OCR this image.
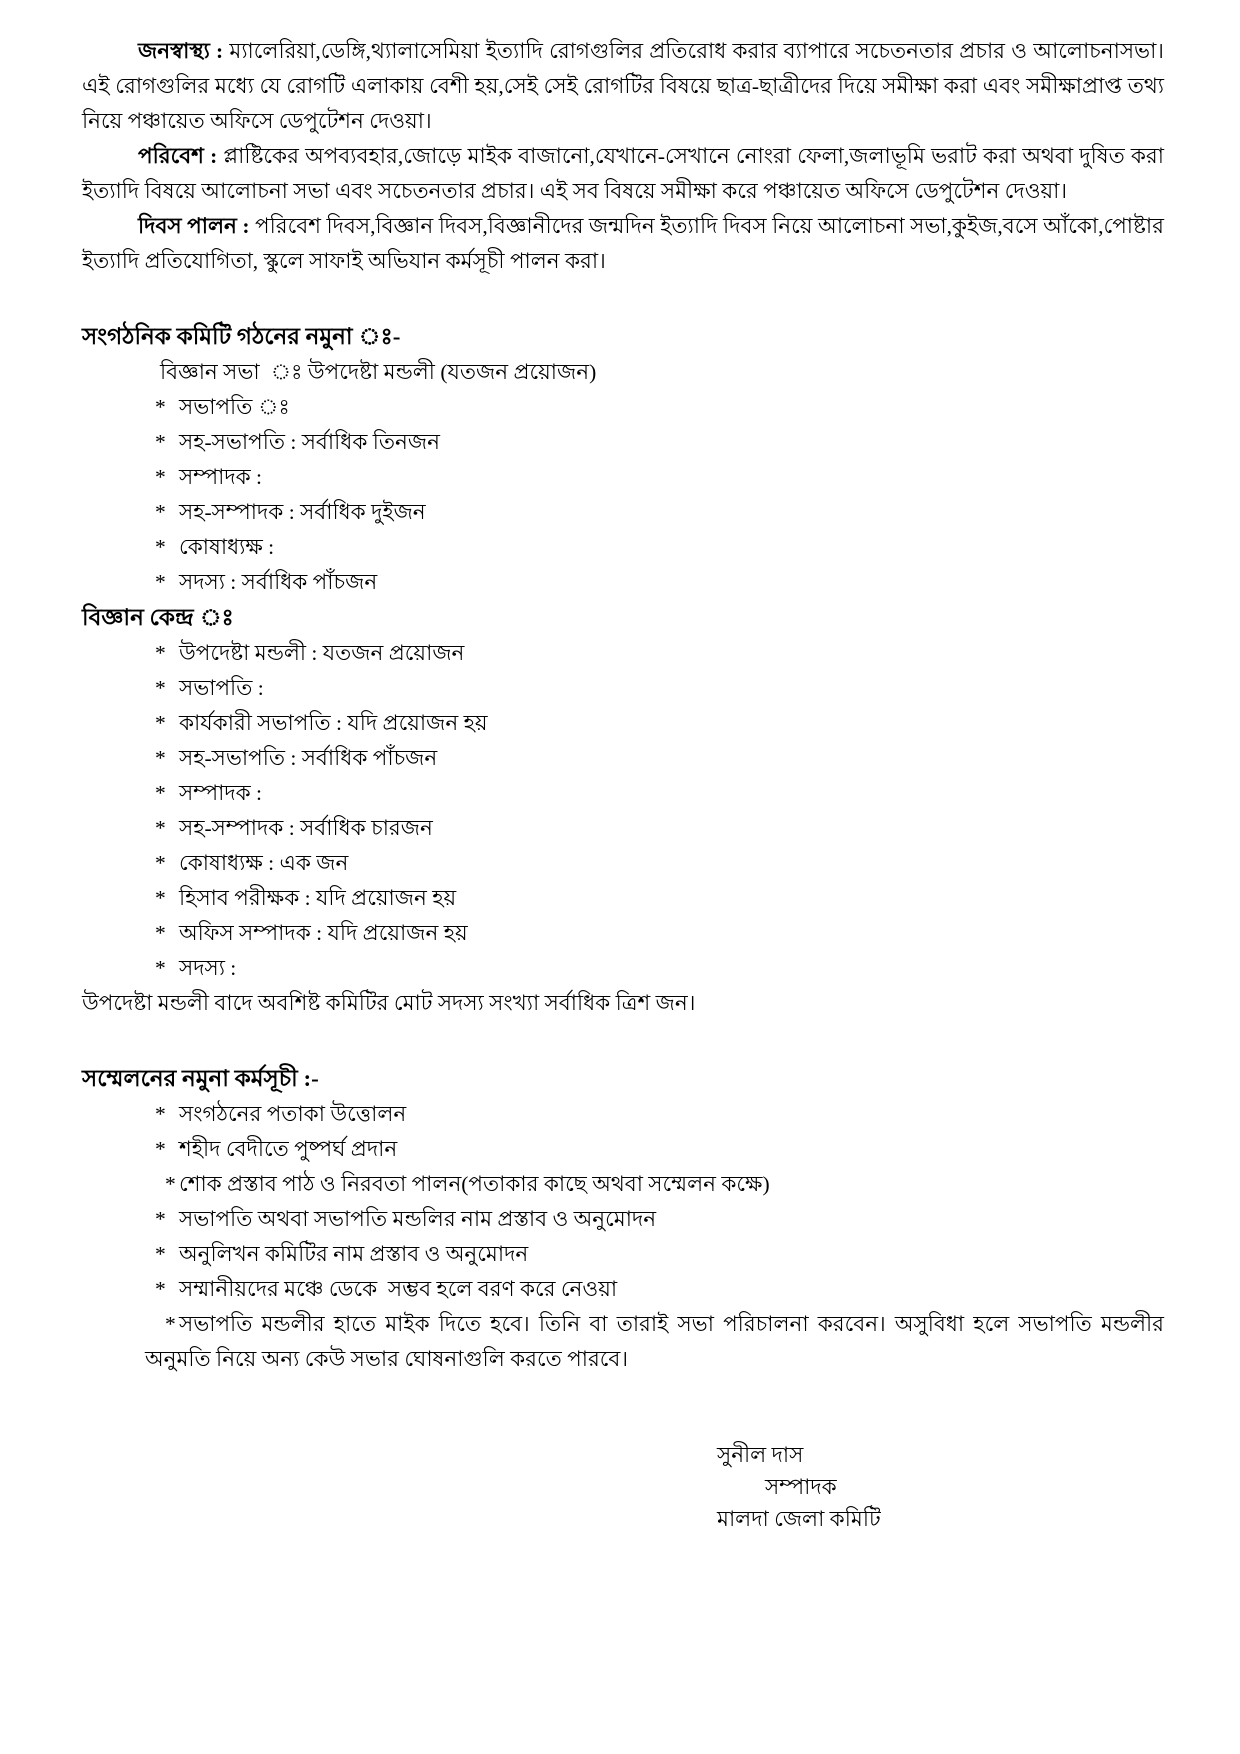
জনস্বাস্থ্য : ম্যালেরিয়া,ডেঙ্গি,থ্যালাসেমিয়া ইত্যাদি রোগগুলির প্রতিরোধ করার ব্যাপারে সচেতনতার প্রচার ও আলোচনাসভা। এই রোগগুলির মধ্যে যে রোগটি এলাকায় বেশী হয়,সেই সেই রোগটির বিষয়ে ছাত্র-ছাত্রীদের দিয়ে সমীক্ষা করা এবং সমীক্ষাপ্রাপ্ত তথ্য নিয়ে পঞ্চায়েত অফিসে ডেপুটেশন দেওয়া।

পরিবেশ : প্লাষ্টিকের অপব্যবহার,জোড়ে মাইক বাজানো,যেখানে-সেখানে নোংরা ফেলা,জলাভূমি ভরাট করা অথবা দুষিত করা ইত্যাদি বিষয়ে আলোচনা সভা এবং সচেতনতার প্রচার। এই সব বিষয়ে সমীক্ষা করে পঞ্চায়েত অফিসে ডেপুটেশন দেওয়া।

দিবস পালন : পরিবেশ দিবস,বিজ্ঞান দিবস,বিজ্ঞানীদের জন্মদিন ইত্যাদি দিবস নিয়ে আলোচনা সভা,কুইজ,বসে আঁকো,পোষ্টার ইত্যাদি প্রতিযোগিতা, স্কুলে সাফাই অভিযান কর্মসূচী পালন করা।

সংগঠনিক কমিটি গঠনের নমুনা ঃ-
বিজ্ঞান সভা  ঃ উপদেষ্টা মন্ডলী (যতজন প্রয়োজন)
* সভাপতি ঃ
* সহ-সভাপতি : সর্বাধিক তিনজন
* সম্পাদক :
* সহ-সম্পাদক : সর্বাধিক দুইজন
* কোষাধ্যক্ষ :
* সদস্য : সর্বাধিক পাঁচজন
বিজ্ঞান কেন্দ্র ঃ
* উপদেষ্টা মন্ডলী : যতজন প্রয়োজন
* সভাপতি :
* কার্যকারী সভাপতি : যদি প্রয়োজন হয়
* সহ-সভাপতি : সর্বাধিক পাঁচজন
* সম্পাদক :
* সহ-সম্পাদক : সর্বাধিক চারজন
* কোষাধ্যক্ষ : এক জন
* হিসাব পরীক্ষক : যদি প্রয়োজন হয়
* অফিস সম্পাদক : যদি প্রয়োজন হয়
* সদস্য :
উপদেষ্টা মন্ডলী বাদে অবশিষ্ট কমিটির মোট সদস্য সংখ্যা সর্বাধিক ত্রিশ জন।
সম্মেলনের নমুনা কর্মসূচী :-
* সংগঠনের পতাকা উত্তোলন
* শহীদ বেদীতে পুষ্পর্ঘ প্রদান
* শোক প্রস্তাব পাঠ ও নিরবতা পালন(পতাকার কাছে অথবা সম্মেলন কক্ষে)
* সভাপতি অথবা সভাপতি মন্ডলির নাম প্রস্তাব ও অনুমোদন
* অনুলিখন কমিটির নাম প্রস্তাব ও অনুমোদন
* সম্মানীয়দের মঞ্চে ডেকে  সম্ভব হলে বরণ করে নেওয়া
* সভাপতি মন্ডলীর হাতে মাইক দিতে হবে। তিনি বা তারাই সভা পরিচালনা করবেন। অসুবিধা হলে সভাপতি মন্ডলীর অনুমতি নিয়ে অন্য কেউ সভার ঘোষনাগুলি করতে পারবে।
সুনীল দাস
সম্পাদক
মালদা জেলা কমিটি
